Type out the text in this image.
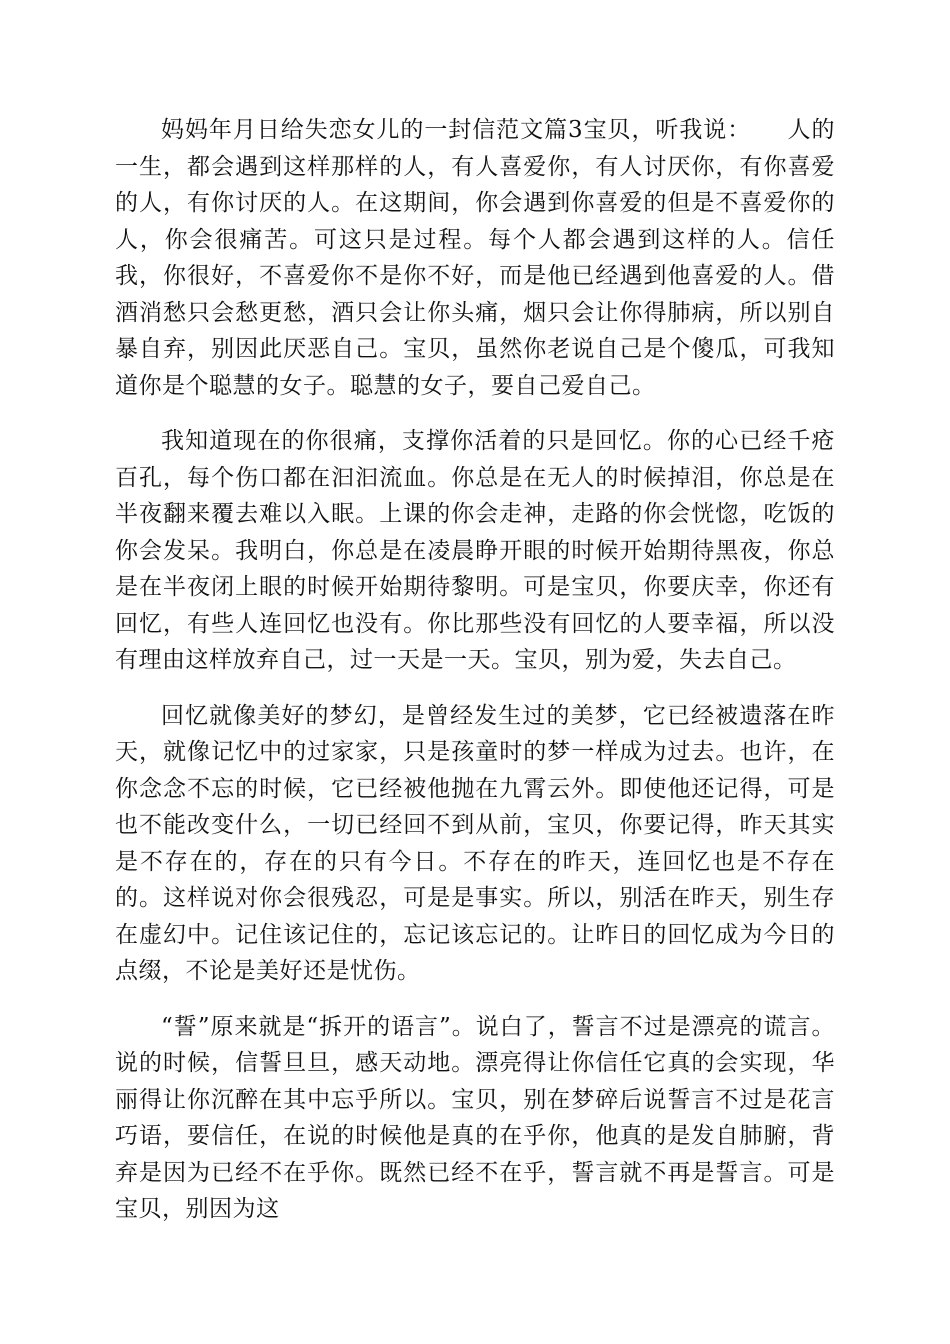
妈妈年月日给失恋女儿的一封信范文篇3宝贝，听我说：　　人的一生，都会遇到这样那样的人，有人喜爱你，有人讨厌你，有你喜爱的人，有你讨厌的人。在这期间，你会遇到你喜爱的但是不喜爱你的人，你会很痛苦。可这只是过程。每个人都会遇到这样的人。信任我，你很好，不喜爱你不是你不好，而是他已经遇到他喜爱的人。借酒消愁只会愁更愁，酒只会让你头痛，烟只会让你得肺病，所以别自暴自弃，别因此厌恶自己。宝贝，虽然你老说自己是个傻瓜，可我知道你是个聪慧的女子。聪慧的女子，要自己爱自己。

我知道现在的你很痛，支撑你活着的只是回忆。你的心已经千疮百孔，每个伤口都在汩汩流血。你总是在无人的时候掉泪，你总是在半夜翻来覆去难以入眠。上课的你会走神，走路的你会恍惚，吃饭的你会发呆。我明白，你总是在凌晨睁开眼的时候开始期待黑夜，你总是在半夜闭上眼的时候开始期待黎明。可是宝贝，你要庆幸，你还有回忆，有些人连回忆也没有。你比那些没有回忆的人要幸福，所以没有理由这样放弃自己，过一天是一天。宝贝，别为爱，失去自己。

回忆就像美好的梦幻，是曾经发生过的美梦，它已经被遗落在昨天，就像记忆中的过家家，只是孩童时的梦一样成为过去。也许，在你念念不忘的时候，它已经被他抛在九霄云外。即使他还记得，可是也不能改变什么，一切已经回不到从前，宝贝，你要记得，昨天其实是不存在的，存在的只有今日。不存在的昨天，连回忆也是不存在的。这样说对你会很残忍，可是是事实。所以，别活在昨天，别生存在虚幻中。记住该记住的，忘记该忘记的。让昨日的回忆成为今日的点缀，不论是美好还是忧伤。

“誓”原来就是“拆开的语言”。说白了，誓言不过是漂亮的谎言。说的时候，信誓旦旦，感天动地。漂亮得让你信任它真的会实现，华丽得让你沉醉在其中忘乎所以。宝贝，别在梦碎后说誓言不过是花言巧语，要信任，在说的时候他是真的在乎你，他真的是发自肺腑，背弃是因为已经不在乎你。既然已经不在乎，誓言就不再是誓言。可是宝贝，别因为这
